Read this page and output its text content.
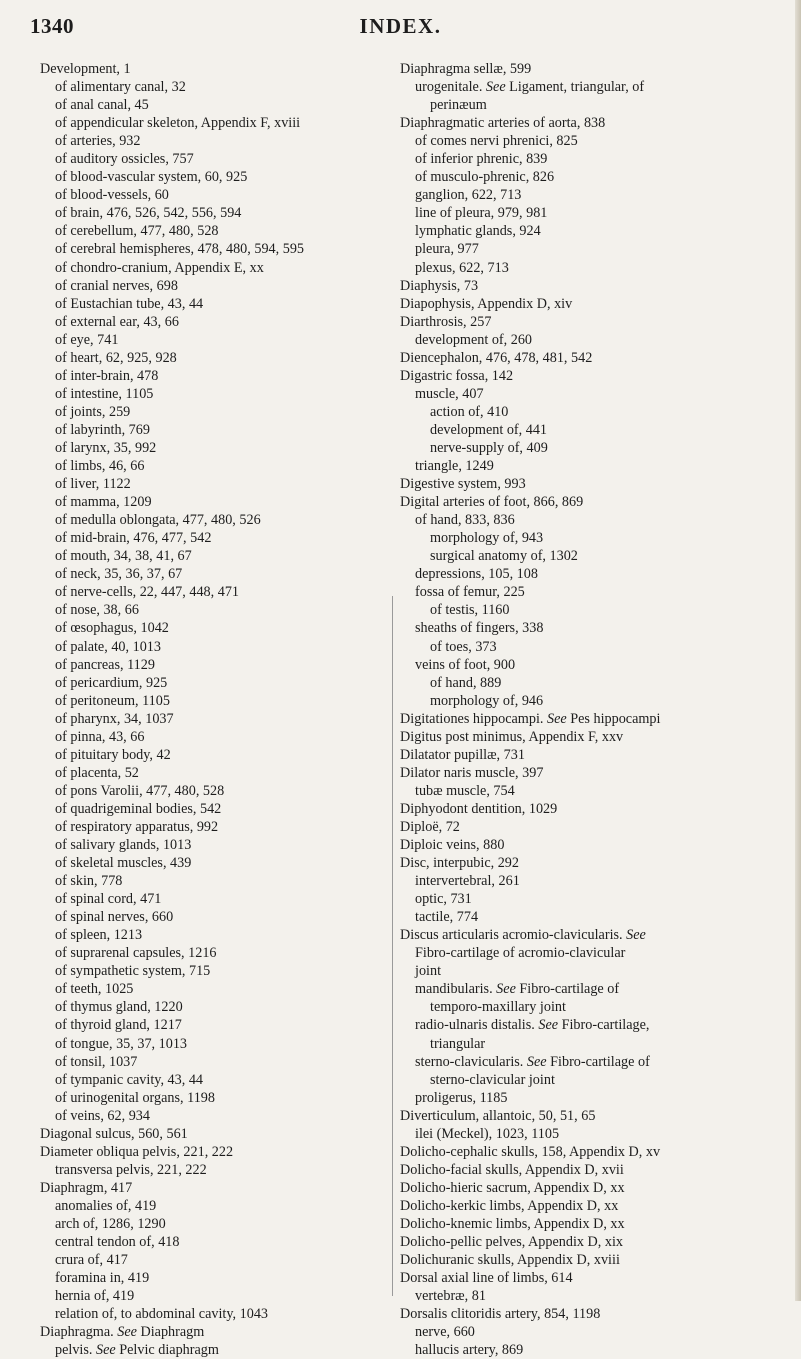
1340	INDEX.
Development, 1
of alimentary canal, 32
of anal canal, 45
of appendicular skeleton, Appendix F, xviii
of arteries, 932
of auditory ossicles, 757
of blood-vascular system, 60, 925
of blood-vessels, 60
of brain, 476, 526, 542, 556, 594
of cerebellum, 477, 480, 528
of cerebral hemispheres, 478, 480, 594, 595
of chondro-cranium, Appendix E, xx
of cranial nerves, 698
of Eustachian tube, 43, 44
of external ear, 43, 66
of eye, 741
of heart, 62, 925, 928
of inter-brain, 478
of intestine, 1105
of joints, 259
of labyrinth, 769
of larynx, 35, 992
of limbs, 46, 66
of liver, 1122
of mamma, 1209
of medulla oblongata, 477, 480, 526
of mid-brain, 476, 477, 542
of mouth, 34, 38, 41, 67
of neck, 35, 36, 37, 67
of nerve-cells, 22, 447, 448, 471
of nose, 38, 66
of œsophagus, 1042
of palate, 40, 1013
of pancreas, 1129
of pericardium, 925
of peritoneum, 1105
of pharynx, 34, 1037
of pinna, 43, 66
of pituitary body, 42
of placenta, 52
of pons Varolii, 477, 480, 528
of quadrigeminal bodies, 542
of respiratory apparatus, 992
of salivary glands, 1013
of skeletal muscles, 439
of skin, 778
of spinal cord, 471
of spinal nerves, 660
of spleen, 1213
of suprarenal capsules, 1216
of sympathetic system, 715
of teeth, 1025
of thymus gland, 1220
of thyroid gland, 1217
of tongue, 35, 37, 1013
of tonsil, 1037
of tympanic cavity, 43, 44
of urinogenital organs, 1198
of veins, 62, 934
Diagonal sulcus, 560, 561
Diameter obliqua pelvis, 221, 222
transversa pelvis, 221, 222
Diaphragm, 417
anomalies of, 419
arch of, 1286, 1290
central tendon of, 418
crura of, 417
foramina in, 419
hernia of, 419
relation of, to abdominal cavity, 1043
Diaphragma. See Diaphragm
pelvis. See Pelvic diaphragm
Diaphragma sellæ, 599
urogenitale. See Ligament, triangular, of
perinæum
Diaphragmatic arteries of aorta, 838
of comes nervi phrenici, 825
of inferior phrenic, 839
of musculo-phrenic, 826
ganglion, 622, 713
line of pleura, 979, 981
lymphatic glands, 924
pleura, 977
plexus, 622, 713
Diaphysis, 73
Diapophysis, Appendix D, xiv
Diarthrosis, 257
development of, 260
Diencephalon, 476, 478, 481, 542
Digastric fossa, 142
muscle, 407
action of, 410
development of, 441
nerve-supply of, 409
triangle, 1249
Digestive system, 993
Digital arteries of foot, 866, 869
of hand, 833, 836
morphology of, 943
surgical anatomy of, 1302
depressions, 105, 108
fossa of femur, 225
of testis, 1160
sheaths of fingers, 338
of toes, 373
veins of foot, 900
of hand, 889
morphology of, 946
Digitationes hippocampi. See Pes hippocampi
Digitus post minimus, Appendix F, xxv
Dilatator pupillæ, 731
Dilator naris muscle, 397
tubæ muscle, 754
Diphyodont dentition, 1029
Diploë, 72
Diploic veins, 880
Disc, interpubic, 292
intervertebral, 261
optic, 731
tactile, 774
Discus articularis acromio-clavicularis. See
Fibro-cartilage of acromio-clavicular
joint
mandibularis. See Fibro-cartilage of
temporo-maxillary joint
radio-ulnaris distalis. See Fibro-cartilage,
triangular
sterno-clavicularis. See Fibro-cartilage of
sterno-clavicular joint
proligerus, 1185
Diverticulum, allantoic, 50, 51, 65
ilei (Meckel), 1023, 1105
Dolicho-cephalic skulls, 158, Appendix D, xv
Dolicho-facial skulls, Appendix D, xvii
Dolicho-hieric sacrum, Appendix D, xx
Dolicho-kerkic limbs, Appendix D, xx
Dolicho-knemic limbs, Appendix D, xx
Dolicho-pellic pelves, Appendix D, xix
Dolichuranic skulls, Appendix D, xviii
Dorsal axial line of limbs, 614
vertebræ, 81
Dorsalis clitoridis artery, 854, 1198
nerve, 660
hallucis artery, 869
